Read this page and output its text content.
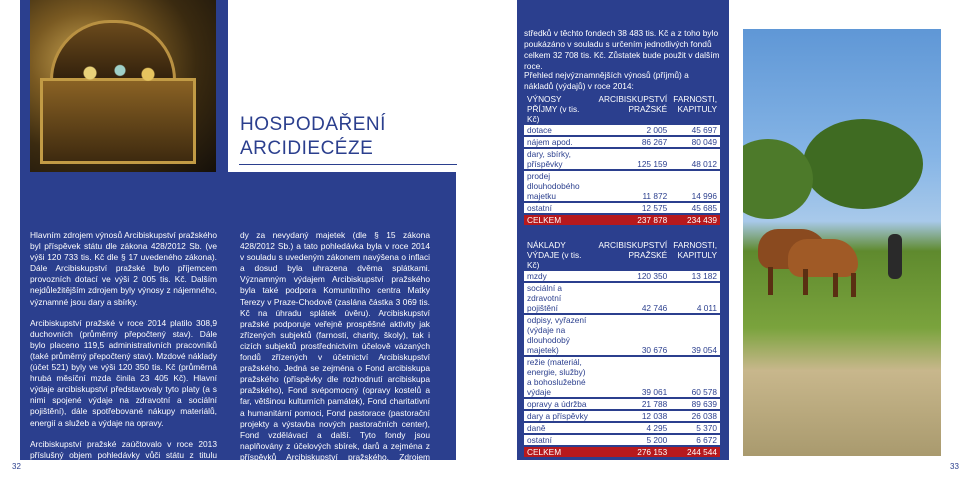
Hlavním zdrojem výnosů Arcibiskupství pražského byl příspěvek státu dle zákona 428/2012 Sb. (ve výši 120 733 tis. Kč dle § 17 uvedeného zákona). Dále Arcibiskupství pražské bylo příjemcem provozních dotací ve výši 2 005 tis. Kč. Dalším nejdůležitějším zdrojem byly výnosy z nájemného, významné jsou dary a sbírky.

Arcibiskupství pražské v roce 2014 platilo 308,9 duchovních (průměrný přepočtený stav). Dále bylo placeno 119,5 administrativních pracovníků (také průměrný přepočtený stav). Mzdové náklady (účet 521) byly ve výši 120 350 tis. Kč (průměrná hrubá měsíční mzda činila 23 405 Kč). Hlavní výdaje arcibiskupství představovaly tyto platy (a s nimi spojené výdaje na zdravotní a sociální pojištění), dále spotřebované nákupy materiálů, energií a služeb a výdaje na opravy.

Arcibiskupství pražské zaúčtovalo v roce 2013 příslušný objem pohledávky vůči státu z titulu náhra-

32
HOSPODAŘENÍ
ARCIDIECÉZE
dy za nevydaný majetek (dle § 15 zákona 428/2012 Sb.) a tato pohledávka byla v roce 2014 v souladu s uvedeným zákonem navýšena o inflaci a dosud byla uhrazena dvěma splátkami. Významným výdajem Arcibiskupství pražského byla také podpora Komunitního centra Matky Terezy v Praze-Chodově (zaslána částka 3 069 tis. Kč na úhradu splátek úvěru). Arcibiskupství pražské podporuje veřejně prospěšné aktivity jak zřízených subjektů (farnosti, charity, školy), tak i cizích subjektů prostřednictvím účelově vázaných fondů zřízených v účetnictví Arcibiskupství pražského. Jedná se zejména o Fond arcibiskupa pražského (příspěvky dle rozhodnutí arcibiskupa pražského), Fond svépomocný (opravy kostelů a far, většinou kulturních památek), Fond charitativní a humanitární pomoci, Fond pastorace (pastorační projekty a výstavba nových pastoračních center), Fond vzdělávací a další. Tyto fondy jsou naplňovány z účelových sbírek, darů a zejména z příspěvků Arcibiskupství pražského. Zdrojem těchto příspěvků je vedlejší hospodářská činnost Arcibiskupství pražského. V roce 2014 činil celkový objem pro-
středků v těchto fondech 38 483 tis. Kč a z toho bylo poukázáno v souladu s určením jednotlivých fondů celkem 32 708 tis. Kč. Zůstatek bude použit v dalším roce.
Přehled nejvýznamnějších výnosů (příjmů) a nákladů (výdajů) v roce 2014:
VÝNOSY PŘÍJMY (v tis. Kč)	ARCIBISKUPSTVÍ PRAŽSKÉ	FARNOSTI, KAPITULY
dotace	2 005	45 697
nájem apod.	86 267	80 049
dary, sbírky, příspěvky	125 159	48 012
prodej dlouhodobého majetku	11 872	14 996
ostatní	12 575	45 685
CELKEM	237 878	234 439
NÁKLADY VÝDAJE (v tis. Kč)	ARCIBISKUPSTVÍ PRAŽSKÉ	FARNOSTI, KAPITULY
mzdy	120 350	13 182
sociální a zdravotní pojištění	42 746	4 011
odpisy, vyřazení (výdaje na dlouhodobý majetek)	30 676	39 054
režie (materiál, energie, služby) a bohoslužebné výdaje	39 061	60 578
opravy a údržba	21 788	89 639
dary a příspěvky	12 038	26 038
daně	4 295	5 370
ostatní	5 200	6 672
CELKEM	276 153	244 544
33
